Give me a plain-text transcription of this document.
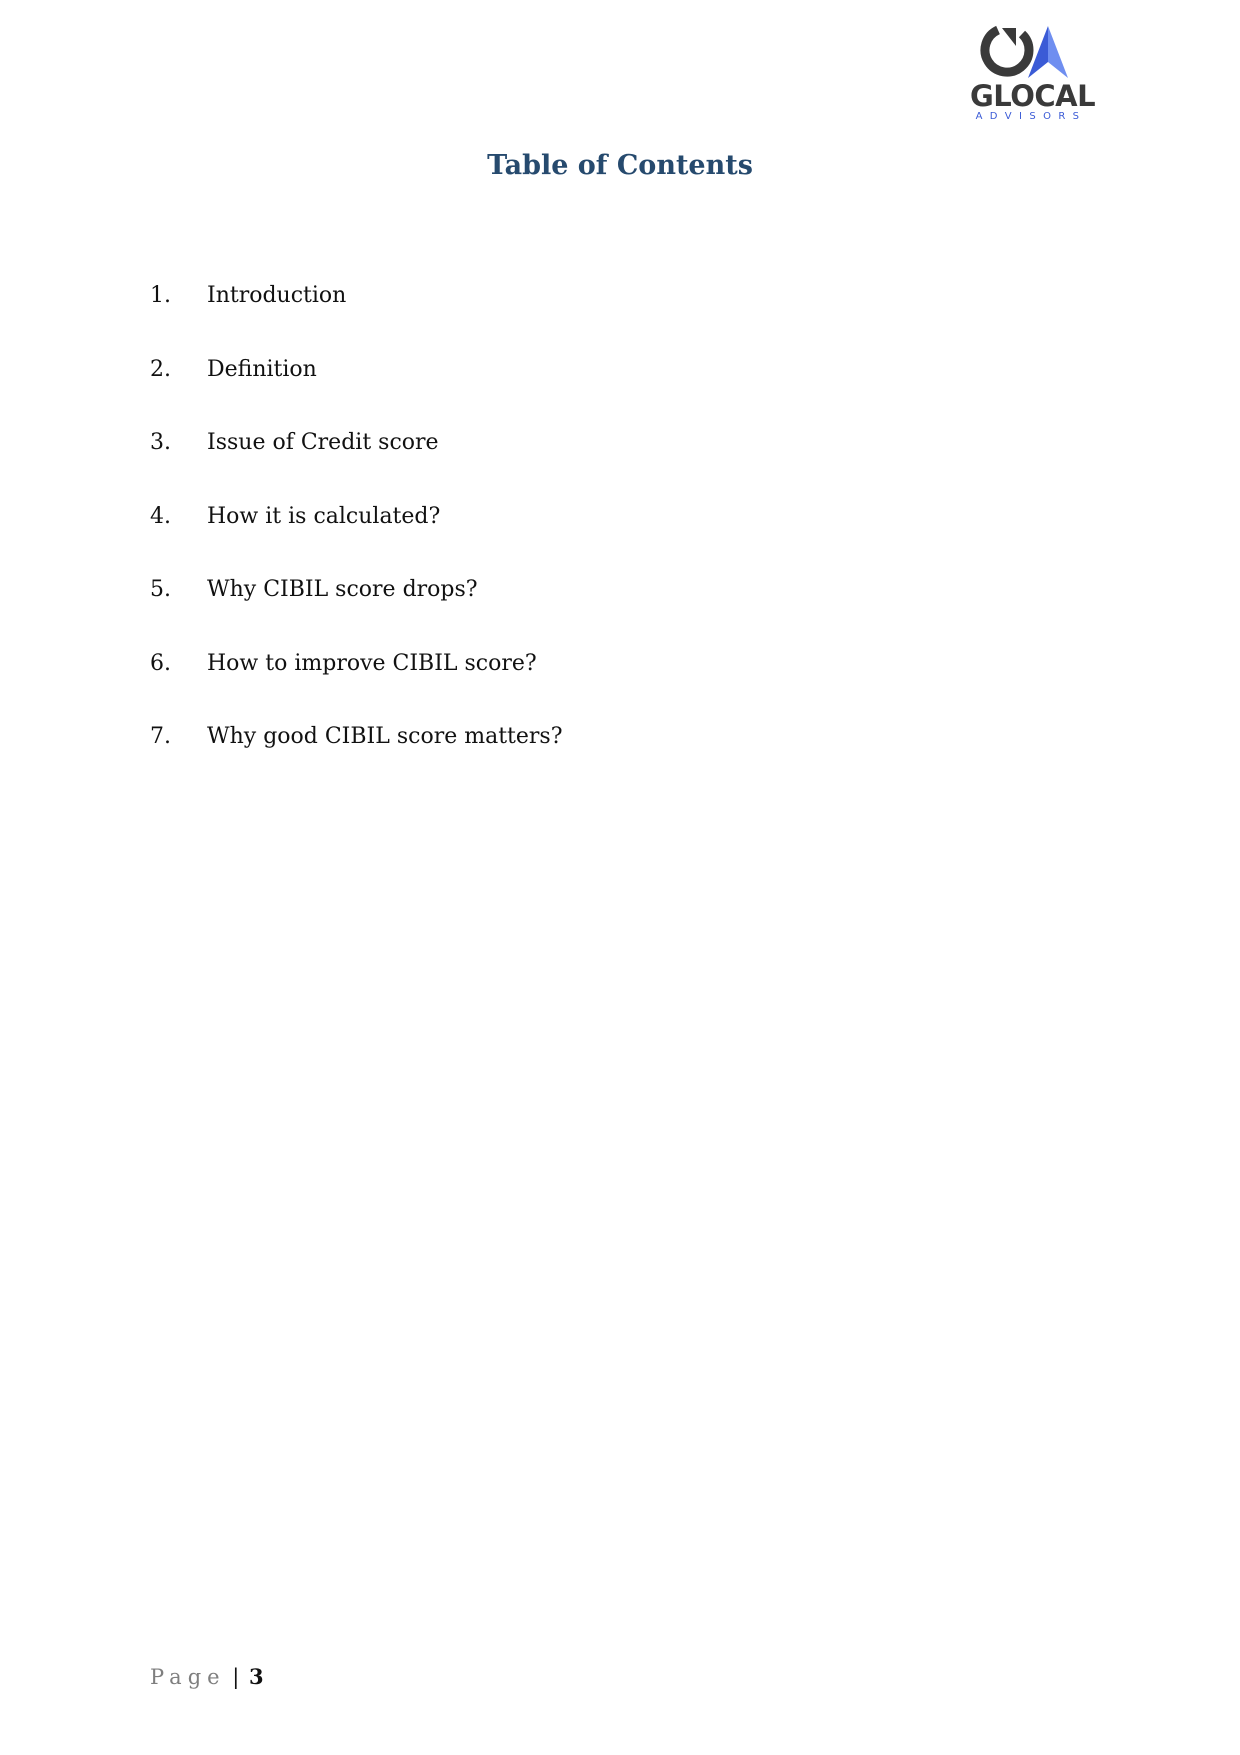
GLOCAL
ADVISORS
Table of Contents
1.	Introduction
2.	Definition
3.	Issue of Credit score
4.	How it is calculated?
5.	Why CIBIL score drops?
6.	How to improve CIBIL score?
7.	Why good CIBIL score matters?
Page | 3
